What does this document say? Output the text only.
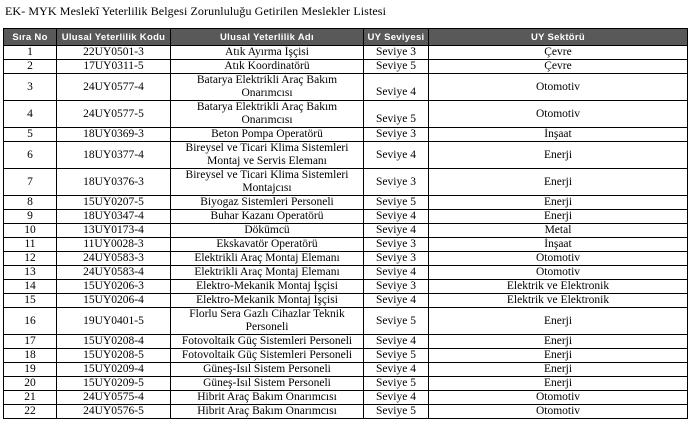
EK- MYK Meslekî Yeterlilik Belgesi Zorunluluğu Getirilen Meslekler Listesi
Sıra No	Ulusal Yeterlilik Kodu	Ulusal Yeterlilik Adı	UY Seviyesi	UY Sektörü
1	22UY0501-3	Atık Ayırma İşçisi	Seviye 3	Çevre
2	17UY0311-5	Atık Koordinatörü	Seviye 5	Çevre
3	24UY0577-4	Batarya Elektrikli Araç Bakım Onarımcısı	Seviye 4	Otomotiv
4	24UY0577-5	Batarya Elektrikli Araç Bakım Onarımcısı	Seviye 5	Otomotiv
5	18UY0369-3	Beton Pompa Operatörü	Seviye 3	İnşaat
6	18UY0377-4	Bireysel ve Ticari Klima Sistemleri Montaj ve Servis Elemanı	Seviye 4	Enerji
7	18UY0376-3	Bireysel ve Ticari Klima Sistemleri Montajcısı	Seviye 3	Enerji
8	15UY0207-5	Biyogaz Sistemleri Personeli	Seviye 5	Enerji
9	18UY0347-4	Buhar Kazanı Operatörü	Seviye 4	Enerji
10	13UY0173-4	Dökümcü	Seviye 4	Metal
11	11UY0028-3	Ekskavatör Operatörü	Seviye 3	İnşaat
12	24UY0583-3	Elektrikli Araç Montaj Elemanı	Seviye 3	Otomotiv
13	24UY0583-4	Elektrikli Araç Montaj Elemanı	Seviye 4	Otomotiv
14	15UY0206-3	Elektro-Mekanik Montaj İşçisi	Seviye 3	Elektrik ve Elektronik
15	15UY0206-4	Elektro-Mekanik Montaj İşçisi	Seviye 4	Elektrik ve Elektronik
16	19UY0401-5	Florlu Sera Gazlı Cihazlar Teknik Personeli	Seviye 5	Enerji
17	15UY0208-4	Fotovoltaik Güç Sistemleri Personeli	Seviye 4	Enerji
18	15UY0208-5	Fotovoltaik Güç Sistemleri Personeli	Seviye 5	Enerji
19	15UY0209-4	Güneş-Isıl Sistem Personeli	Seviye 4	Enerji
20	15UY0209-5	Güneş-Isıl Sistem Personeli	Seviye 5	Enerji
21	24UY0575-4	Hibrit Araç Bakım Onarımcısı	Seviye 4	Otomotiv
22	24UY0576-5	Hibrit Araç Bakım Onarımcısı	Seviye 5	Otomotiv
